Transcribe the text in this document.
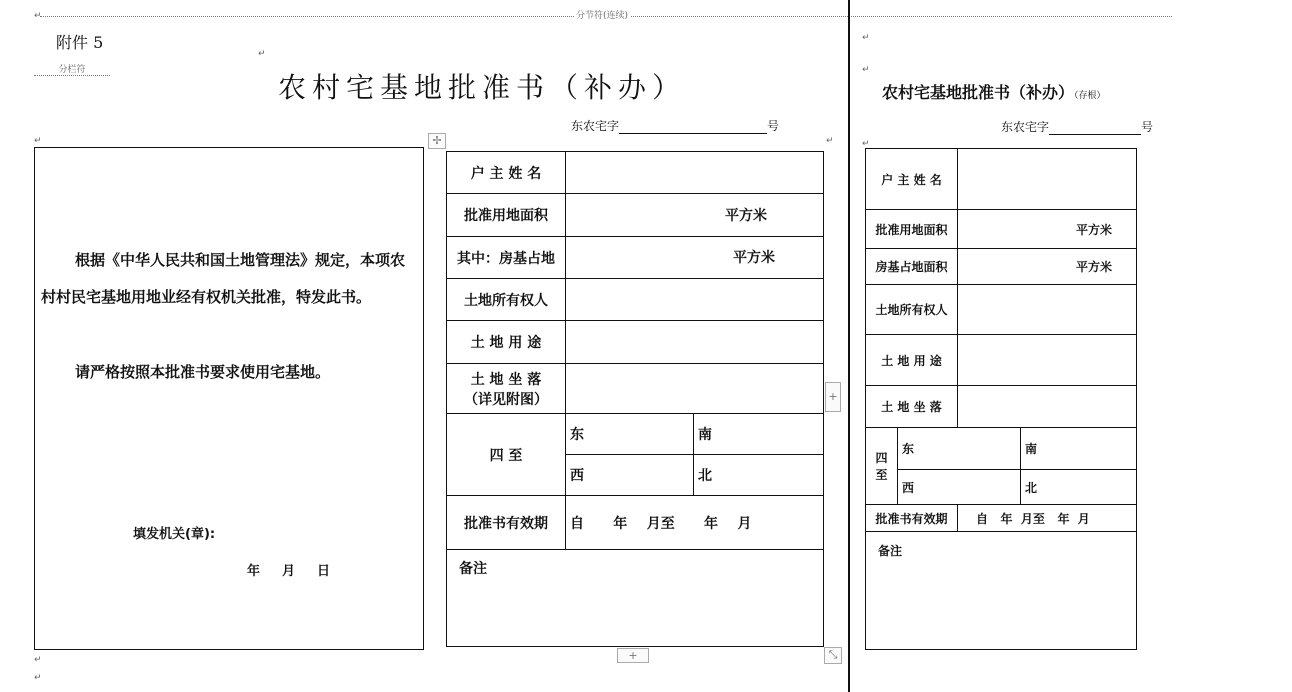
分节符(连续)
↵
↵
↵	↵
↵
↵
↵
↵
↵
附件 5
分栏符
农村宅基地批准书（补办）
东农宅字	号
根据《中华人民共和国土地管理法》规定，本项农村村民宅基地用地业经有权机关批准，特发此书。
请严格按照本批准书要求使用宅基地。
填发机关(章):
年 月 日
✢
+
+	⤡
户 主 姓 名		
批准用地面积	平方米	
其中：房基占地	平方米	
土地所有权人		
土 地 用 途		

土 地 坐 落
（详见附图）		

四 至	东	南
	西	北
批准书有效期	自      年    月至      年    月	
备注		
农村宅基地批准书（补办）（存根）
东农宅字	号
户 主 姓 名			
批准用地面积		平方米	
房基占地面积		平方米	
土地所有权人			
土 地 用 途			
土 地 坐 落			

四
至	东		南
	西		北
批准书有效期		自   年  月至   年  月	
备注			
